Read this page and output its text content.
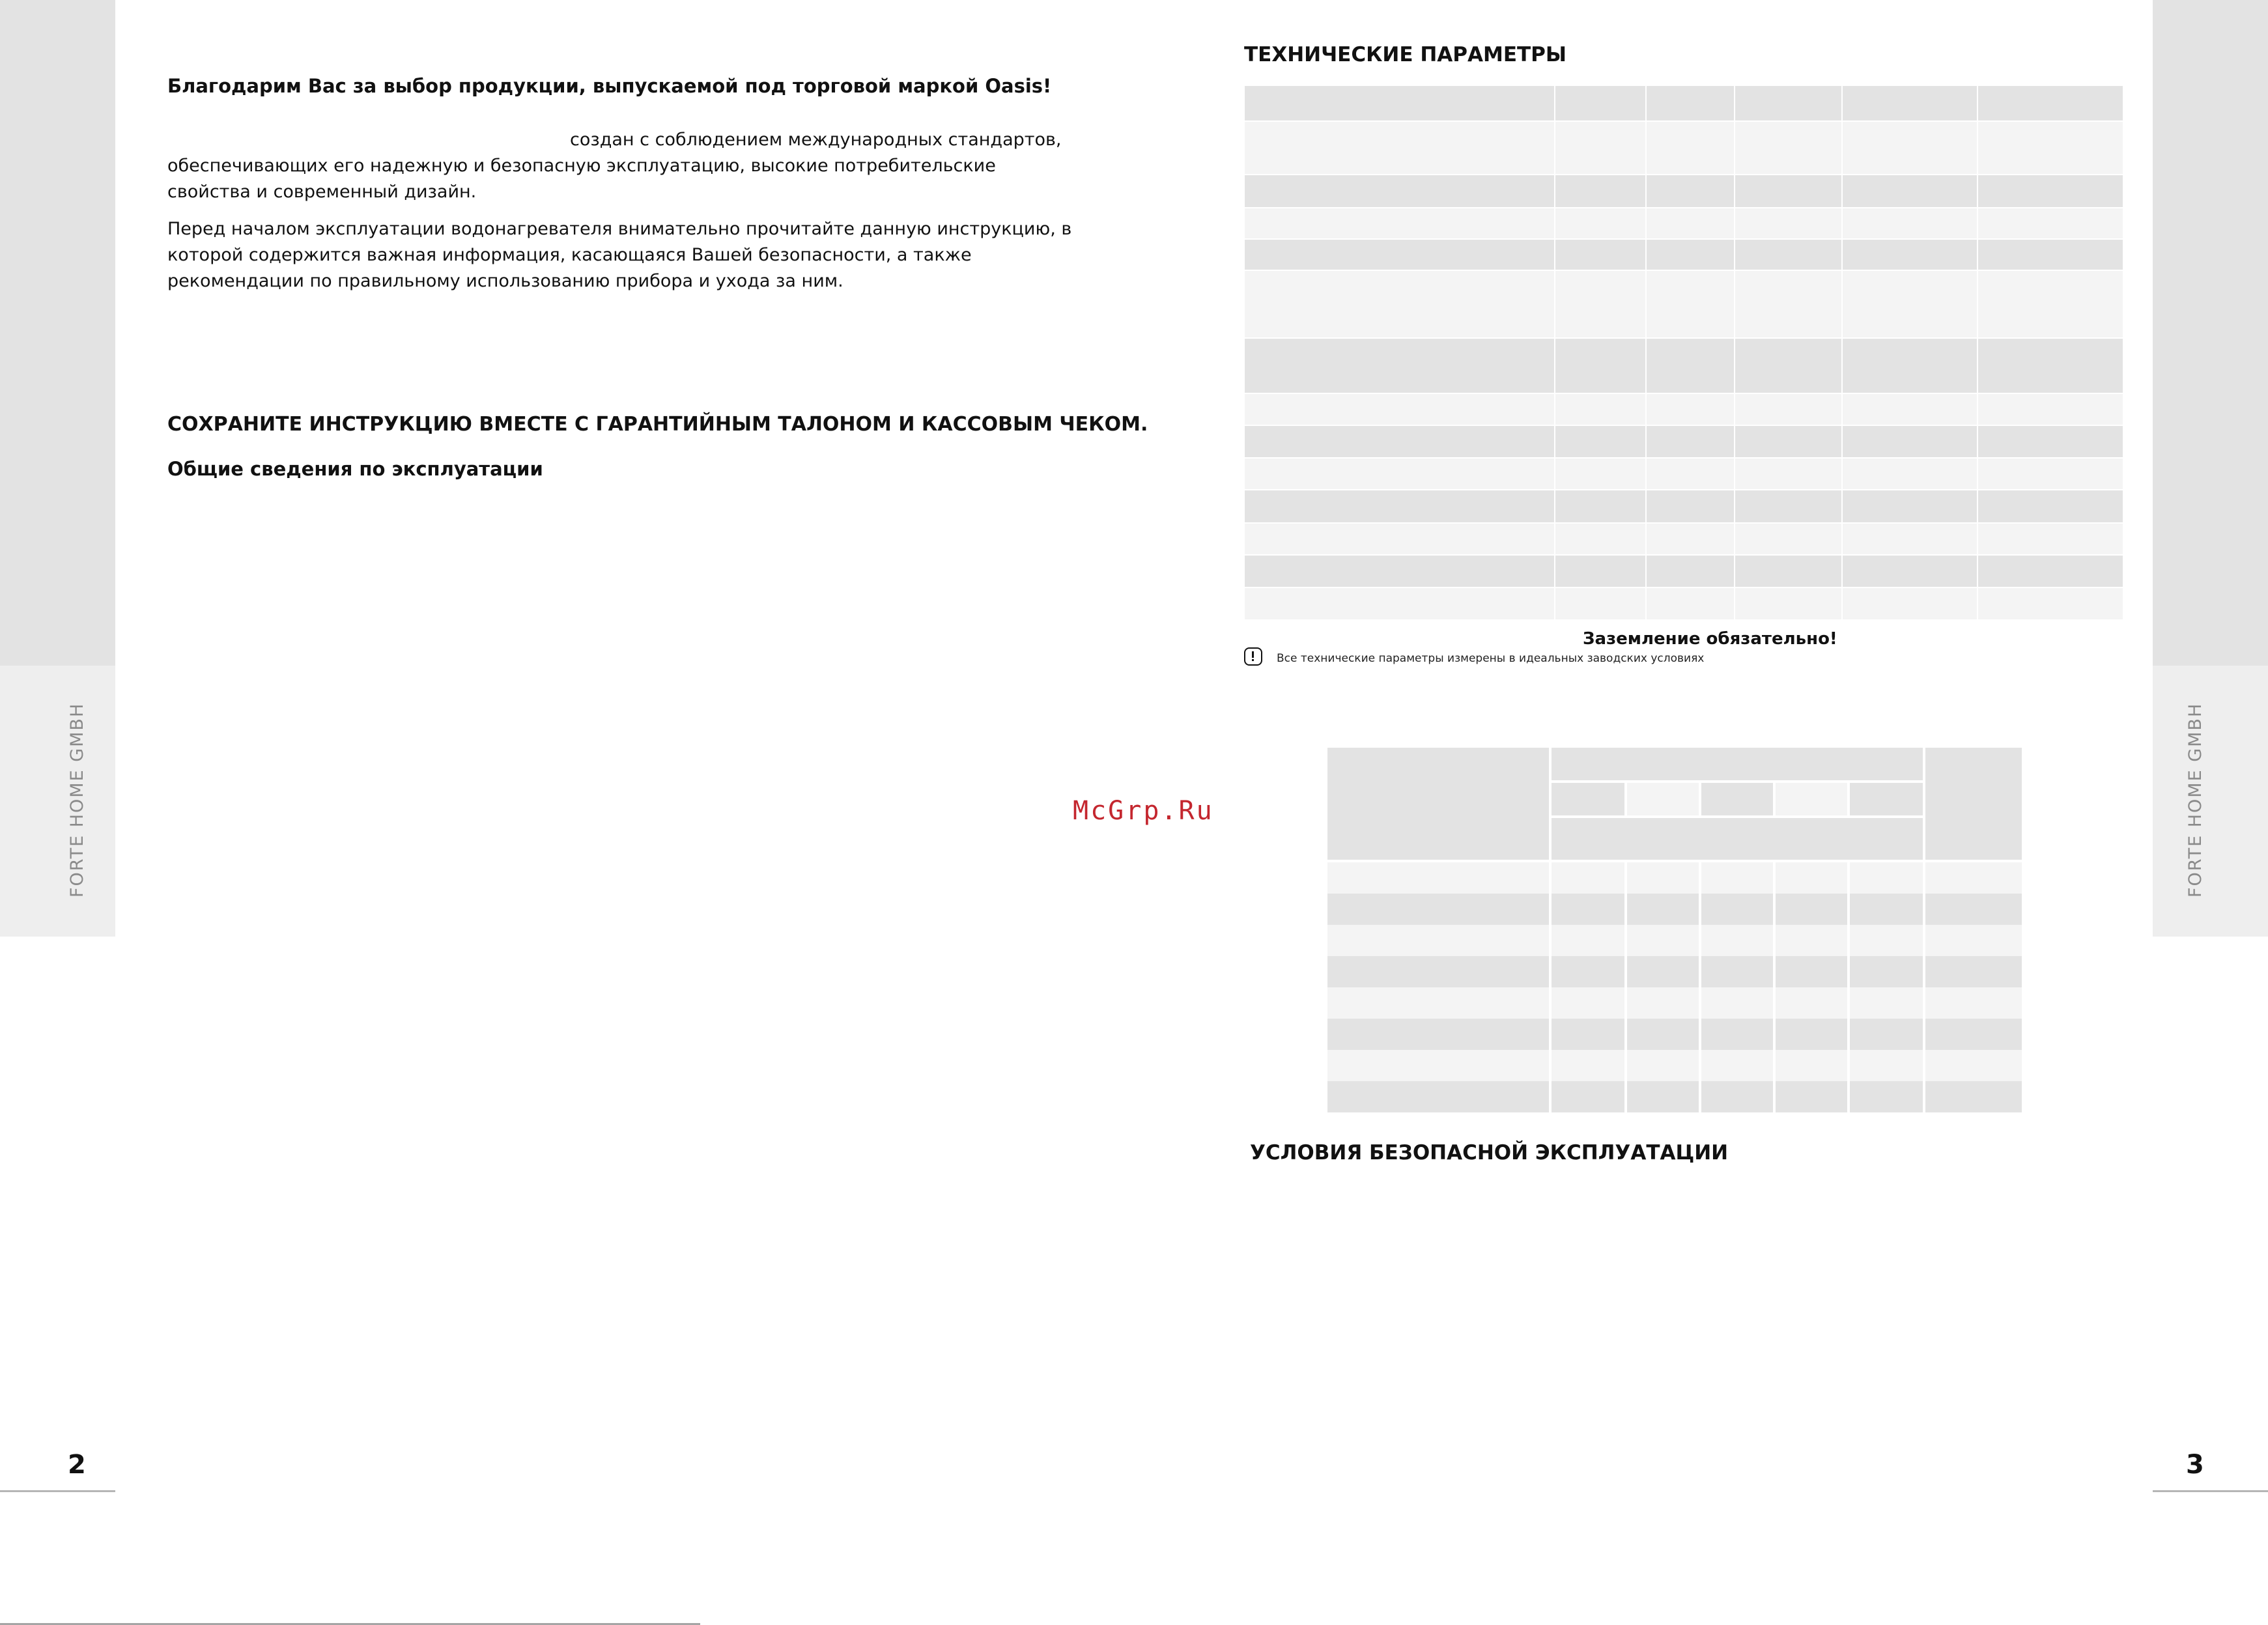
FORTE HOME GMBH
2
FORTE HOME GMBH
3
Благодарим Вас за выбор продукции, выпускаемой под торговой маркой Oasis!
создан с соблюдением международных стандартов,
обеспечивающих его надежную и безопасную эксплуатацию, высокие потребительские
свойства и современный дизайн.
Перед началом эксплуатации водонагревателя внимательно прочитайте данную инструкцию, в
которой содержится важная информация, касающаяся Вашей безопасности, а также
рекомендации по правильному использованию прибора и ухода за ним.
СОХРАНИТЕ ИНСТРУКЦИЮ ВМЕСТЕ С ГАРАНТИЙНЫМ ТАЛОНОМ И КАССОВЫМ ЧЕКОМ.
Общие сведения по эксплуатации
McGrp.Ru
ТЕХНИЧЕСКИЕ ПАРАМЕТРЫ
Заземление обязательно!
Все технические параметры измерены в идеальных заводских условиях
УСЛОВИЯ БЕЗОПАСНОЙ ЭКСПЛУАТАЦИИ
